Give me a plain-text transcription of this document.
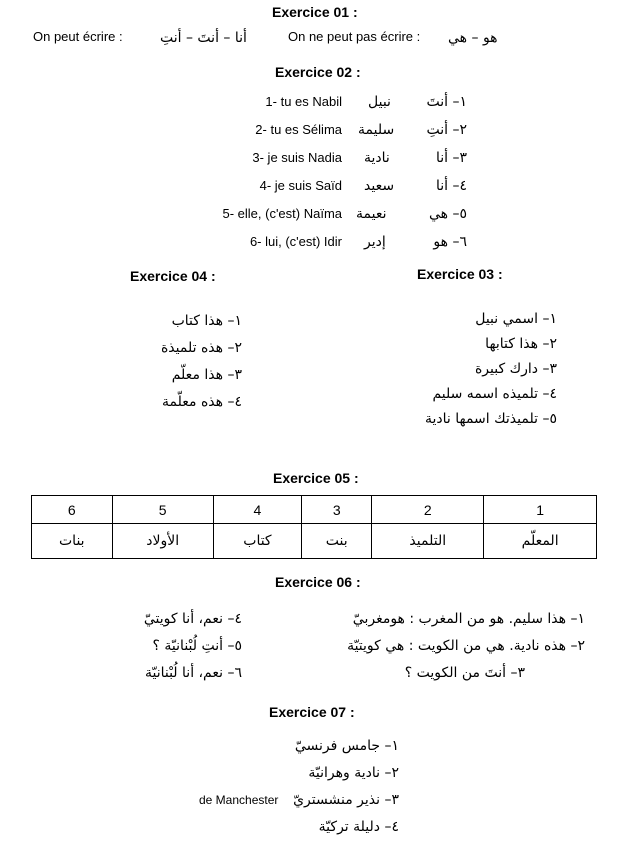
Exercice 01 :
On peut écrire :	أنا – أنتَ – أنتِ	On ne peut pas écrire : هو – هي
Exercice 02 :
1- tu es Nabil نبيل	١– أنتَ
2- tu es Sélima سليمة ٢– أنتِ
3- je suis Nadia نادية	٣– أنا
4- je suis Saïd سعيد	٤– أنا
5- elle, (c'est) Naïma نعيمة	٥– هي
6- lui, (c'est) Idir إدير	٦– هو
Exercice 04 :	Exercice 03 :
١– هذا كتاب
٢– هذه تلميذة
٣– هذا معلّم
٤– هذه معلّمة
١– اسمي نبيل
٢– هذا كتابها
٣– دارك كبيرة
٤– تلميذه اسمه سليم
٥– تلميذتك اسمها نادية
Exercice 05 :
6	5	4	3	2	1
بنات	الأولاد	كتاب	بنت	التلميذ	المعلّم
Exercice 06 :
٤– نعم، أنا كويتيّ
٥– أنتِ لُبْنانيّة ؟
٦– نعم، أنا لُبْنانيّة
١– هذا سليم. هو من المغرب : هومغربيّ
٢– هذه نادية. هي من الكويت : هي كويتيّة
٣– أنتَ من الكويت ؟
Exercice 07 :
١– جامس فرنسيّ
٢– نادية وهرانيّة
٣– نذير منشستريّ
de Manchester
٤– دليلة تركيّة
